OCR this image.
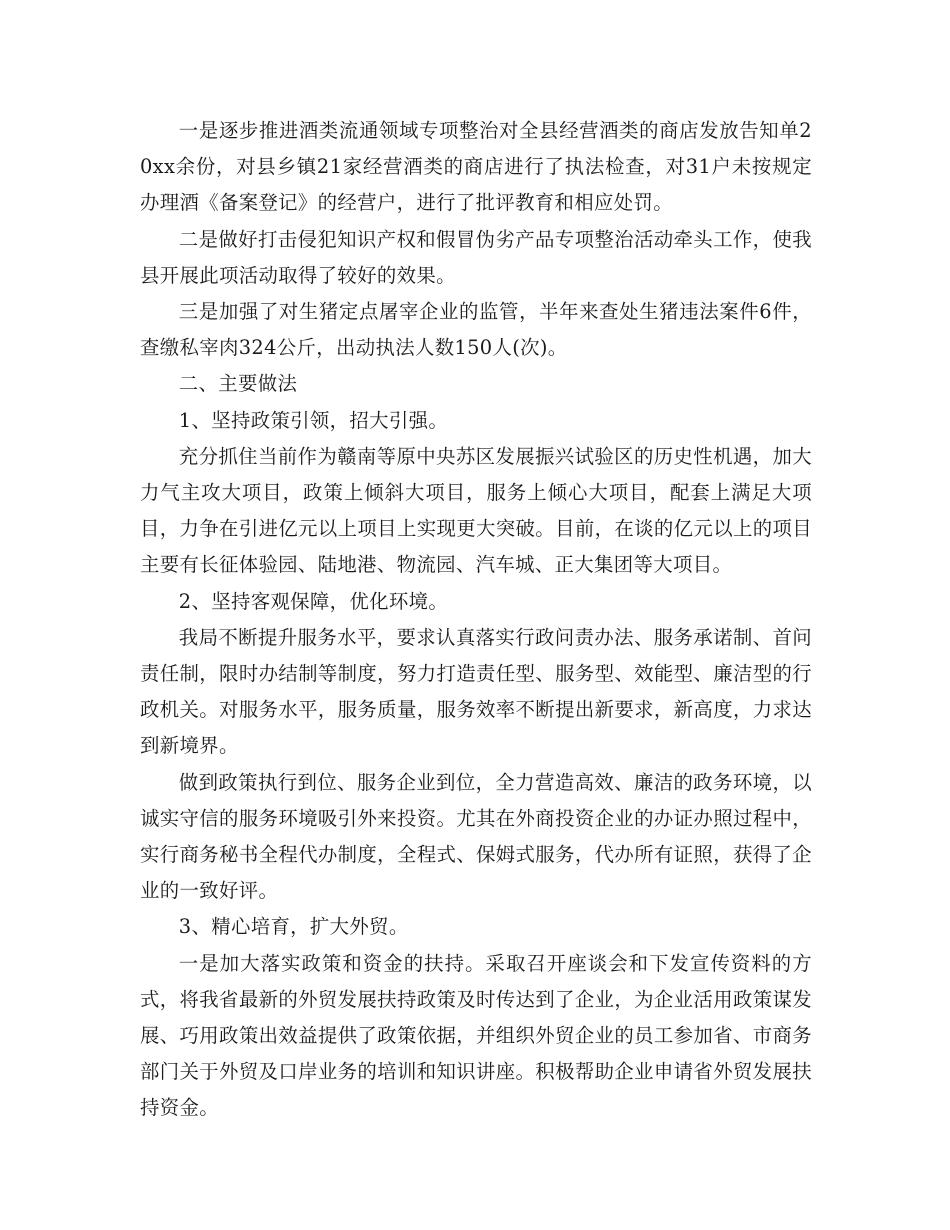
一是逐步推进酒类流通领域专项整治对全县经营酒类的商店发放告知单20xx余份，对县乡镇21家经营酒类的商店进行了执法检查，对31户未按规定办理酒《备案登记》的经营户，进行了批评教育和相应处罚。

二是做好打击侵犯知识产权和假冒伪劣产品专项整治活动牵头工作，使我县开展此项活动取得了较好的效果。

三是加强了对生猪定点屠宰企业的监管，半年来查处生猪违法案件6件，查缴私宰肉324公斤，出动执法人数150人(次)。

二、主要做法

1、坚持政策引领，招大引强。

充分抓住当前作为赣南等原中央苏区发展振兴试验区的历史性机遇，加大力气主攻大项目，政策上倾斜大项目，服务上倾心大项目，配套上满足大项目，力争在引进亿元以上项目上实现更大突破。目前，在谈的亿元以上的项目主要有长征体验园、陆地港、物流园、汽车城、正大集团等大项目。

2、坚持客观保障，优化环境。

我局不断提升服务水平，要求认真落实行政问责办法、服务承诺制、首问责任制，限时办结制等制度，努力打造责任型、服务型、效能型、廉洁型的行政机关。对服务水平，服务质量，服务效率不断提出新要求，新高度，力求达到新境界。

做到政策执行到位、服务企业到位，全力营造高效、廉洁的政务环境，以诚实守信的服务环境吸引外来投资。尤其在外商投资企业的办证办照过程中，实行商务秘书全程代办制度，全程式、保姆式服务，代办所有证照，获得了企业的一致好评。

3、精心培育，扩大外贸。

一是加大落实政策和资金的扶持。采取召开座谈会和下发宣传资料的方式，将我省最新的外贸发展扶持政策及时传达到了企业，为企业活用政策谋发展、巧用政策出效益提供了政策依据，并组织外贸企业的员工参加省、市商务部门关于外贸及口岸业务的培训和知识讲座。积极帮助企业申请省外贸发展扶持资金。
